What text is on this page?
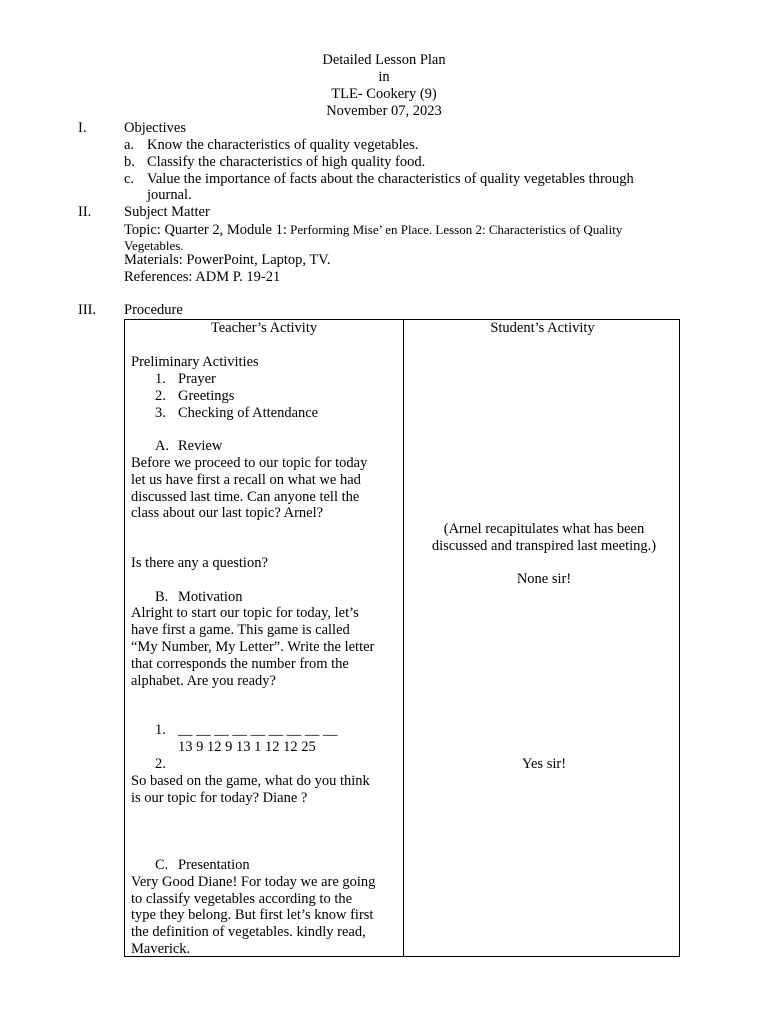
Detailed Lesson Plan
in
TLE- Cookery (9)
November 07, 2023
I.	Objectives
a. Know the characteristics of quality vegetables.
b. Classify the characteristics of high quality food.
c. Value the importance of facts about the characteristics of quality vegetables through
journal.
II. Subject Matter
Topic: Quarter 2, Module 1: Performing Mise’ en Place. Lesson 2: Characteristics of Quality
Vegetables.
Materials: PowerPoint, Laptop, TV.
References: ADM P. 19-21
III. Procedure
Teacher’s Activity	Student’s Activity
Preliminary Activities
1. Prayer
2. Greetings
3. Checking of Attendance
A. Review
Before we proceed to our topic for today
let us have first a recall on what we had
discussed last time. Can anyone tell the
class about our last topic? Arnel?
Is there any a question?
B. Motivation
Alright to start our topic for today, let’s
have first a game. This game is called
“My Number, My Letter”. Write the letter
that corresponds the number from the
alphabet. Are you ready?
1. __ __ __ __ __ __ __ __ __
13 9 12 9 13 1 12 12 25
2.
So based on the game, what do you think
is our topic for today? Diane ?
C. Presentation
Very Good Diane! For today we are going
to classify vegetables according to the
type they belong. But first let’s know first
the definition of vegetables. kindly read,
Maverick.
(Arnel recapitulates what has been
discussed and transpired last meeting.)
None sir!
Yes sir!
